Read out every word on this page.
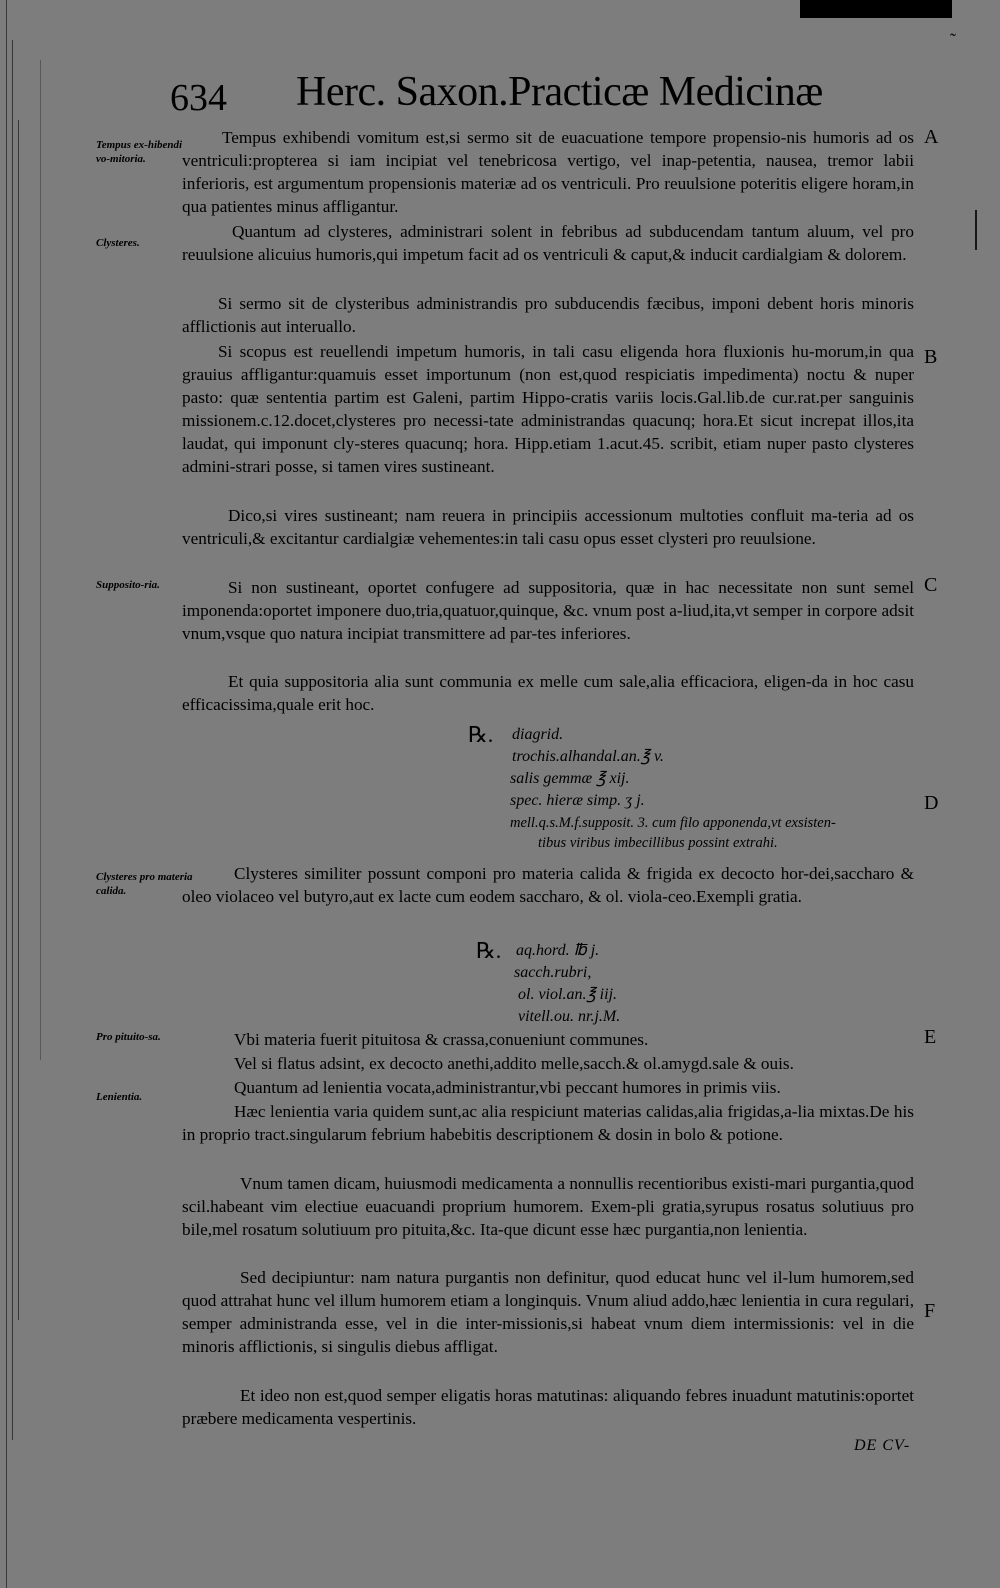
˜
634 Herc. Saxon.Practicæ Medicinæ
Tempus ex-hibendi vo-mitoria.
Clysteres.
Supposito-ria.
Clysteres pro materia calida.
Pro pituito-sa.
Lenientia.
A
B
C
D
E
F
Tempus exhibendi vomitum est,si sermo sit de euacuatione tempore propensio-nis humoris ad os ventriculi:propterea si iam incipiat vel tenebricosa vertigo, vel inap-petentia, nausea, tremor labii inferioris, est argumentum propensionis materiæ ad os ventriculi. Pro reuulsione poteritis eligere horam,in qua patientes minus affligantur.
Quantum ad clysteres, administrari solent in febribus ad subducendam tantum aluum, vel pro reuulsione alicuius humoris,qui impetum facit ad os ventriculi & caput,& inducit cardialgiam & dolorem.
Si sermo sit de clysteribus administrandis pro subducendis fæcibus, imponi debent horis minoris afflictionis aut interuallo.
Si scopus est reuellendi impetum humoris, in tali casu eligenda hora fluxionis hu-morum,in qua grauius affligantur:quamuis esset importunum (non est,quod respiciatis impedimenta) noctu & nuper pasto: quæ sententia partim est Galeni, partim Hippo-cratis variis locis.Gal.lib.de cur.rat.per sanguinis missionem.c.12.docet,clysteres pro necessi-tate administrandas quacunq; hora.Et sicut increpat illos,ita laudat, qui imponunt cly-steres quacunq; hora. Hipp.etiam 1.acut.45. scribit, etiam nuper pasto clysteres admini-strari posse, si tamen vires sustineant.
Dico,si vires sustineant; nam reuera in principiis accessionum multoties confluit ma-teria ad os ventriculi,& excitantur cardialgiæ vehementes:in tali casu opus esset clysteri pro reuulsione.
Si non sustineant, oportet confugere ad suppositoria, quæ in hac necessitate non sunt semel imponenda:oportet imponere duo,tria,quatuor,quinque, &c. vnum post a-liud,ita,vt semper in corpore adsit vnum,vsque quo natura incipiat transmittere ad par-tes inferiores.
Et quia suppositoria alia sunt communia ex melle cum sale,alia efficaciora, eligen-da in hoc casu efficacissima,quale erit hoc.
℞. diagrid.
trochis.alhandal.an.℥ v.
salis gemmæ ℥ xij.
spec. hieræ simp. ʒ j.
mell.q.s.M.f.supposit. 3. cum filo apponenda,vt exsisten-
tibus viribus imbecillibus possint extrahi.
Clysteres similiter possunt componi pro materia calida & frigida ex decocto hor-dei,saccharo & oleo violaceo vel butyro,aut ex lacte cum eodem saccharo, & ol. viola-ceo.Exempli gratia.
℞. aq.hord. ℔ j.
sacch.rubri,
ol. viol.an.℥ iij.
vitell.ou. nr.j.M.
Vbi materia fuerit pituitosa & crassa,conueniunt communes.
Vel si flatus adsint, ex decocto anethi,addito melle,sacch.& ol.amygd.sale & ouis.
Quantum ad lenientia vocata,administrantur,vbi peccant humores in primis viis.
Hæc lenientia varia quidem sunt,ac alia respiciunt materias calidas,alia frigidas,a-lia mixtas.De his in proprio tract.singularum febrium habebitis descriptionem & dosin in bolo & potione.
Vnum tamen dicam, huiusmodi medicamenta a nonnullis recentioribus existi-mari purgantia,quod scil.habeant vim electiue euacuandi proprium humorem. Exem-pli gratia,syrupus rosatus solutiuus pro bile,mel rosatum solutiuum pro pituita,&c. Ita-que dicunt esse hæc purgantia,non lenientia.
Sed decipiuntur: nam natura purgantis non definitur, quod educat hunc vel il-lum humorem,sed quod attrahat hunc vel illum humorem etiam a longinquis. Vnum aliud addo,hæc lenientia in cura regulari, semper administranda esse, vel in die inter-missionis,si habeat vnum diem intermissionis: vel in die minoris afflictionis, si singulis diebus affligat.
Et ideo non est,quod semper eligatis horas matutinas: aliquando febres inuadunt matutinis:oportet præbere medicamenta vespertinis.
DE CV-
